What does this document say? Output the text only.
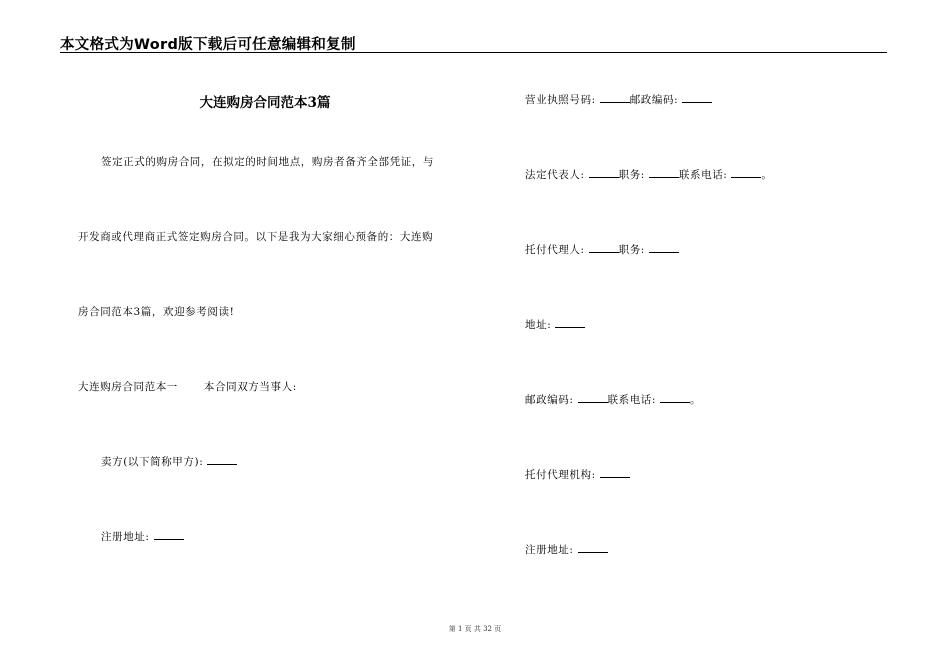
本文格式为Word版下载后可任意编辑和复制
大连购房合同范本3篇
签定正式的购房合同，在拟定的时间地点，购房者备齐全部凭证，与
开发商或代理商正式签定购房合同。以下是我为大家细心预备的：大连购
房合同范本3篇，欢迎参考阅读!
大连购房合同范本一 本合同双方当事人:
卖方(以下简称甲方):
注册地址:
营业执照号码:	邮政编码:
法定代表人:	职务:	联系电话:	。
托付代理人:	职务:
地址:
邮政编码:	联系电话:	。
托付代理机构:
注册地址:
第 1 页 共 32 页
